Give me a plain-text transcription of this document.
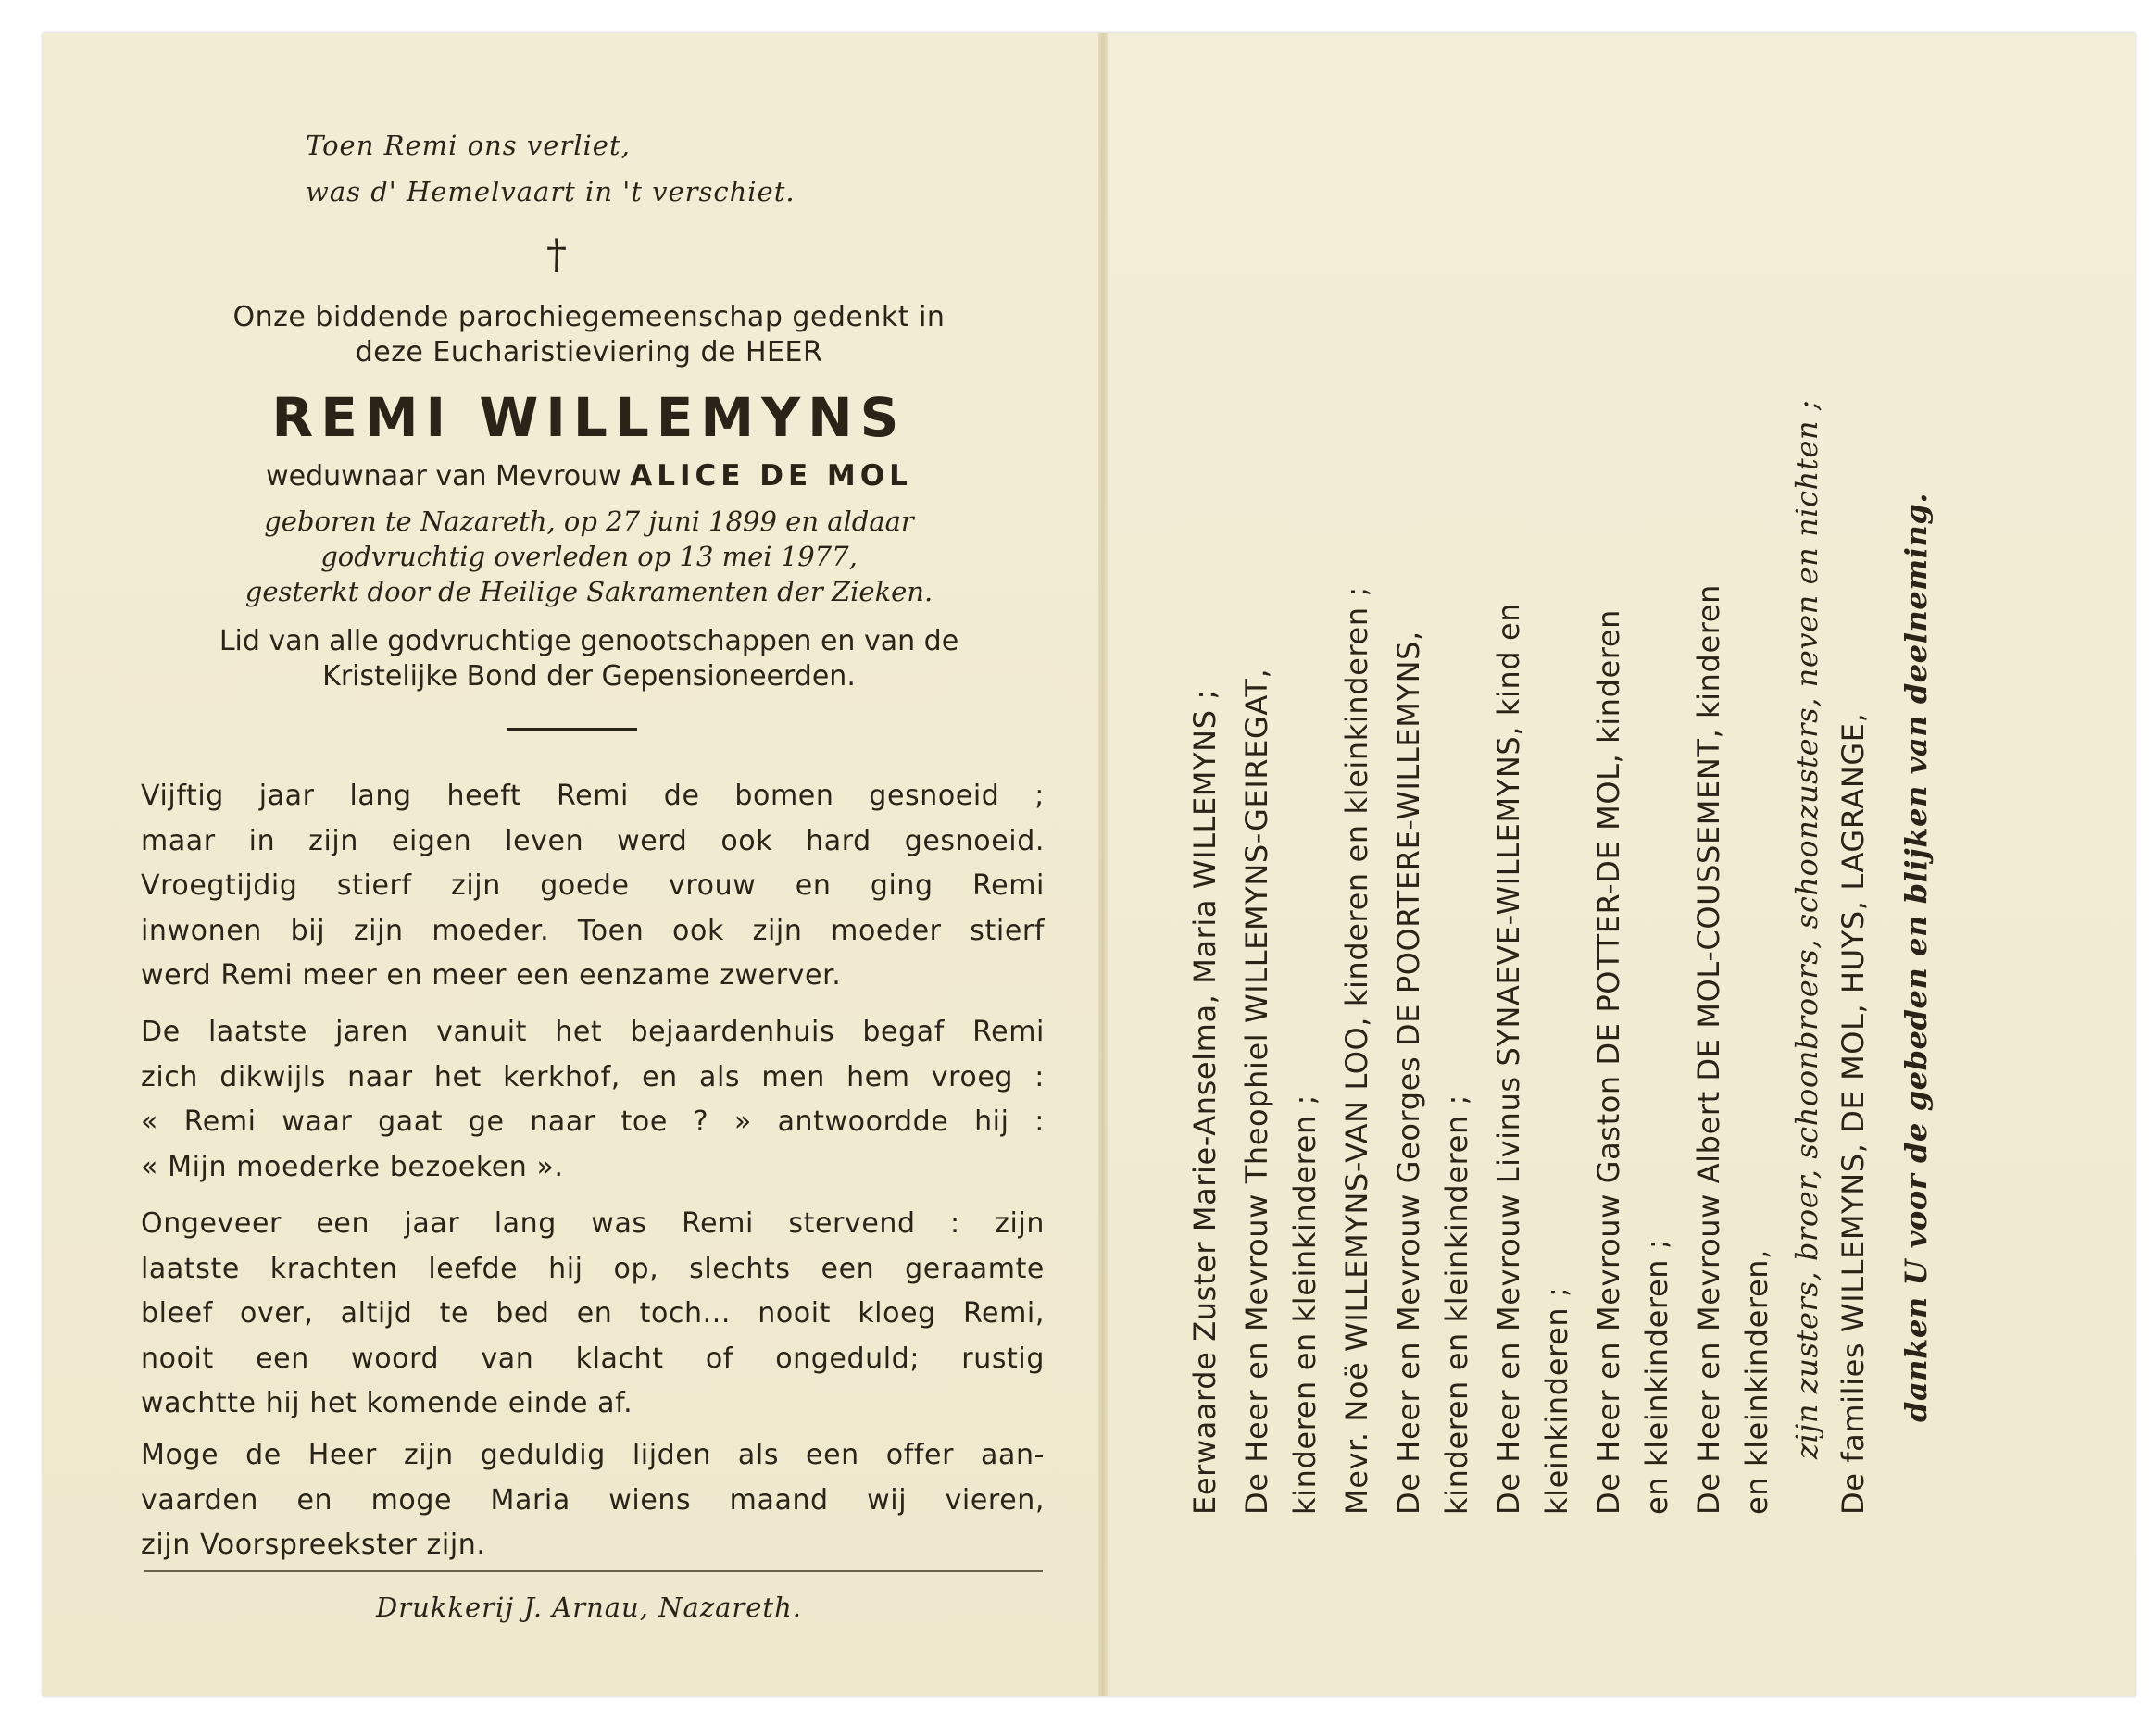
Toen Remi ons verliet,
was d' Hemelvaart in 't verschiet.
†
Onze biddende parochiegemeenschap gedenkt in
deze Eucharistieviering de HEER
REMI WILLEMYNS
weduwnaar van Mevrouw ALICE DE MOL
geboren te Nazareth, op 27 juni 1899 en aldaar
godvruchtig overleden op 13 mei 1977,
gesterkt door de Heilige Sakramenten der Zieken.
Lid van alle godvruchtige genootschappen en van de
Kristelijke Bond der Gepensioneerden.
Vijftig jaar lang heeft Remi de bomen gesnoeid ;
maar in zijn eigen leven werd ook hard gesnoeid.
Vroegtijdig stierf zijn goede vrouw en ging Remi
inwonen bij zijn moeder. Toen ook zijn moeder stierf
werd Remi meer en meer een eenzame zwerver.
De laatste jaren vanuit het bejaardenhuis begaf Remi
zich dikwijls naar het kerkhof, en als men hem vroeg :
« Remi waar gaat ge naar toe ? » antwoordde hij :
« Mijn moederke bezoeken ».
Ongeveer een jaar lang was Remi stervend : zijn
laatste krachten leefde hij op, slechts een geraamte
bleef over, altijd te bed en toch... nooit kloeg Remi,
nooit een woord van klacht of ongeduld; rustig
wachtte hij het komende einde af.
Moge de Heer zijn geduldig lijden als een offer aan-
vaarden en moge Maria wiens maand wij vieren,
zijn Voorspreekster zijn.
Drukkerij J. Arnau, Nazareth.
Eerwaarde Zuster Marie-Anselma, Maria WILLEMYNS ; De Heer en Mevrouw Theophiel WILLEMYNS-GEIREGAT, kinderen en kleinkinderen ; Mevr. Noë WILLEMYNS-VAN LOO, kinderen en kleinkinderen ; De Heer en Mevrouw Georges DE POORTERE-WILLEMYNS, kinderen en kleinkinderen ; De Heer en Mevrouw Livinus SYNAEVE-WILLEMYNS, kind en kleinkinderen ; De Heer en Mevrouw Gaston DE POTTER-DE MOL, kinderen en kleinkinderen ; De Heer en Mevrouw Albert DE MOL-COUSSEMENT, kinderen en kleinkinderen, zijn zusters, broer, schoonbroers, schoonzusters, neven en nichten ; De families WILLEMYNS, DE MOL, HUYS, LAGRANGE, danken U voor de gebeden en blijken van deelneming.
